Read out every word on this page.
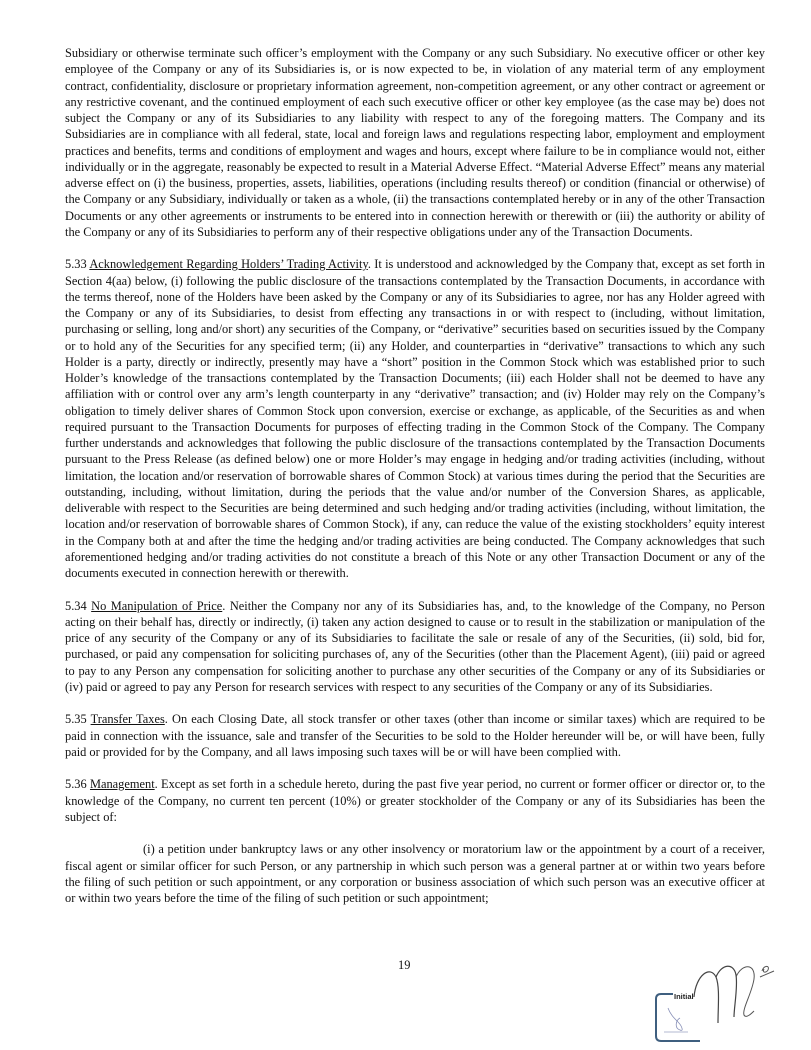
Subsidiary or otherwise terminate such officer’s employment with the Company or any such Subsidiary. No executive officer or other key employee of the Company or any of its Subsidiaries is, or is now expected to be, in violation of any material term of any employment contract, confidentiality, disclosure or proprietary information agreement, non-competition agreement, or any other contract or agreement or any restrictive covenant, and the continued employment of each such executive officer or other key employee (as the case may be) does not subject the Company or any of its Subsidiaries to any liability with respect to any of the foregoing matters. The Company and its Subsidiaries are in compliance with all federal, state, local and foreign laws and regulations respecting labor, employment and employment practices and benefits, terms and conditions of employment and wages and hours, except where failure to be in compliance would not, either individually or in the aggregate, reasonably be expected to result in a Material Adverse Effect. “Material Adverse Effect” means any material adverse effect on (i) the business, properties, assets, liabilities, operations (including results thereof) or condition (financial or otherwise) of the Company or any Subsidiary, individually or taken as a whole, (ii) the transactions contemplated hereby or in any of the other Transaction Documents or any other agreements or instruments to be entered into in connection herewith or therewith or (iii) the authority or ability of the Company or any of its Subsidiaries to perform any of their respective obligations under any of the Transaction Documents.

5.33 Acknowledgement Regarding Holders’ Trading Activity. It is understood and acknowledged by the Company that, except as set forth in Section 4(aa) below, (i) following the public disclosure of the transactions contemplated by the Transaction Documents, in accordance with the terms thereof, none of the Holders have been asked by the Company or any of its Subsidiaries to agree, nor has any Holder agreed with the Company or any of its Subsidiaries, to desist from effecting any transactions in or with respect to (including, without limitation, purchasing or selling, long and/or short) any securities of the Company, or “derivative” securities based on securities issued by the Company or to hold any of the Securities for any specified term; (ii) any Holder, and counterparties in “derivative” transactions to which any such Holder is a party, directly or indirectly, presently may have a “short” position in the Common Stock which was established prior to such Holder’s knowledge of the transactions contemplated by the Transaction Documents; (iii) each Holder shall not be deemed to have any affiliation with or control over any arm’s length counterparty in any “derivative” transaction; and (iv) Holder may rely on the Company’s obligation to timely deliver shares of Common Stock upon conversion, exercise or exchange, as applicable, of the Securities as and when required pursuant to the Transaction Documents for purposes of effecting trading in the Common Stock of the Company. The Company further understands and acknowledges that following the public disclosure of the transactions contemplated by the Transaction Documents pursuant to the Press Release (as defined below) one or more Holder’s may engage in hedging and/or trading activities (including, without limitation, the location and/or reservation of borrowable shares of Common Stock) at various times during the period that the Securities are outstanding, including, without limitation, during the periods that the value and/or number of the Conversion Shares, as applicable, deliverable with respect to the Securities are being determined and such hedging and/or trading activities (including, without limitation, the location and/or reservation of borrowable shares of Common Stock), if any, can reduce the value of the existing stockholders’ equity interest in the Company both at and after the time the hedging and/or trading activities are being conducted. The Company acknowledges that such aforementioned hedging and/or trading activities do not constitute a breach of this Note or any other Transaction Document or any of the documents executed in connection herewith or therewith.

5.34 No Manipulation of Price. Neither the Company nor any of its Subsidiaries has, and, to the knowledge of the Company, no Person acting on their behalf has, directly or indirectly, (i) taken any action designed to cause or to result in the stabilization or manipulation of the price of any security of the Company or any of its Subsidiaries to facilitate the sale or resale of any of the Securities, (ii) sold, bid for, purchased, or paid any compensation for soliciting purchases of, any of the Securities (other than the Placement Agent), (iii) paid or agreed to pay to any Person any compensation for soliciting another to purchase any other securities of the Company or any of its Subsidiaries or (iv) paid or agreed to pay any Person for research services with respect to any securities of the Company or any of its Subsidiaries.

5.35 Transfer Taxes. On each Closing Date, all stock transfer or other taxes (other than income or similar taxes) which are required to be paid in connection with the issuance, sale and transfer of the Securities to be sold to the Holder hereunder will be, or will have been, fully paid or provided for by the Company, and all laws imposing such taxes will be or will have been complied with.

5.36 Management. Except as set forth in a schedule hereto, during the past five year period, no current or former officer or director or, to the knowledge of the Company, no current ten percent (10%) or greater stockholder of the Company or any of its Subsidiaries has been the subject of:

(i) a petition under bankruptcy laws or any other insolvency or moratorium law or the appointment by a court of a receiver, fiscal agent or similar officer for such Person, or any partnership in which such person was a general partner at or within two years before the filing of such petition or such appointment, or any corporation or business association of which such person was an executive officer at or within two years before the time of the filing of such petition or such appointment;

19
Initial
